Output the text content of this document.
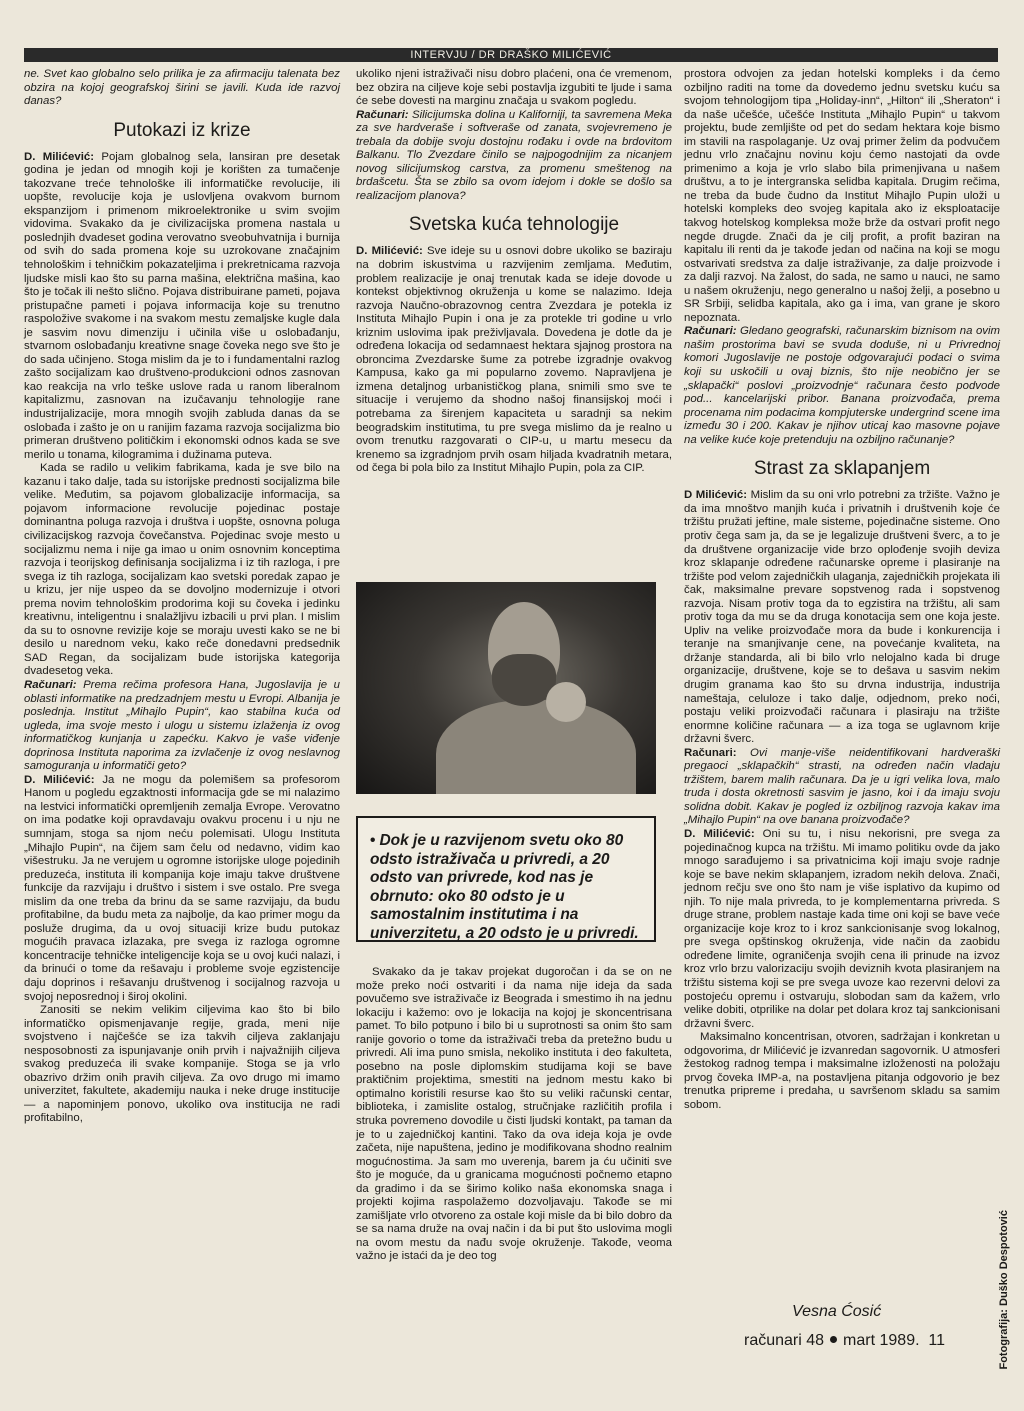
INTERVJU / DR DRAŠKO MILIĆEVIĆ

ne. Svet kao globalno selo prilika je za afirmaciju talenata bez obzira na kojoj geografskoj širini se javili. Kuda ide razvoj danas?

Putokazi iz krize

D. Milićević: Pojam globalnog sela, lansiran pre desetak godina je jedan od mnogih koji je korišten za tumačenje takozvane treće tehnološke ili informatičke revolucije, ili uopšte, revolucije koja je uslovljena ovakvom burnom ekspanzijom i primenom mikroelektronike u svim svojim vidovima. Svakako da je civilizacijska promena nastala u poslednjih dvadeset godina verovatno sveobuhvatnija i burnija od svih do sada promena koje su uzrokovane značajnim tehnološkim i tehničkim pokazateljima i prekretnicama razvoja ljudske misli kao što su parna mašina, električna mašina, kao što je točak ili nešto slično. Pojava distribuirane pameti, pojava pristupačne pameti i pojava informacija koje su trenutno raspoložive svakome i na svakom mestu zemaljske kugle dala je sasvim novu dimenziju i učinila više u oslobađanju, stvarnom oslobađanju kreativne snage čoveka nego sve što je do sada učinjeno. Stoga mislim da je to i fundamentalni razlog zašto socijalizam kao društveno-produkcioni odnos zasnovan kao reakcija na vrlo teške uslove rada u ranom liberalnom kapitalizmu, zasnovan na izučavanju tehnologije rane industrijalizacije, mora mnogih svojih zabluda danas da se oslobađa i zašto je on u ranijim fazama razvoja socijalizma bio primeran društveno političkim i ekonomski odnos kada se sve merilo u tonama, kilogramima i dužinama puteva.

Kada se radilo u velikim fabrikama, kada je sve bilo na kazanu i tako dalje, tada su istorijske prednosti socijalizma bile velike. Međutim, sa pojavom globalizacije informacija, sa pojavom informacione revolucije pojedinac postaje dominantna poluga razvoja i društva i uopšte, osnovna poluga civilizacijskog razvoja čovečanstva. Pojedinac svoje mesto u socijalizmu nema i nije ga imao u onim osnovnim konceptima razvoja i teorijskog definisanja socijalizma i iz tih razloga, i pre svega iz tih razloga, socijalizam kao svetski poredak zapao je u krizu, jer nije uspeo da se dovoljno modernizuje i otvori prema novim tehnološkim prodorima koji su čoveka i jedinku kreativnu, inteligentnu i snalažljivu izbacili u prvi plan. I mislim da su to osnovne revizije koje se moraju uvesti kako se ne bi desilo u narednom veku, kako reče donedavni predsednik SAD Regan, da socijalizam bude istorijska kategorija dvadesetog veka.

Računari: Prema rečima profesora Hana, Jugoslavija je u oblasti informatike na predzadnjem mestu u Evropi. Albanija je poslednja. Institut „Mihajlo Pupin“, kao stabilna kuća od ugleda, ima svoje mesto i ulogu u sistemu izlaženja iz ovog informatičkog kunjanja u zapećku. Kakvo je vaše viđenje doprinosa Instituta naporima za izvlačenje iz ovog neslavnog samoguranja u informatiči geto?

D. Milićević: Ja ne mogu da polemišem sa profesorom Hanom u pogledu egzaktnosti informacija gde se mi nalazimo na lestvici informatički opremljenih zemalja Evrope. Verovatno on ima podatke koji opravdavaju ovakvu procenu i u nju ne sumnjam, stoga sa njom neću polemisati. Ulogu Instituta „Mihajlo Pupin“, na čijem sam čelu od nedavno, vidim kao višestruku. Ja ne verujem u ogromne istorijske uloge pojedinih preduzeća, instituta ili kompanija koje imaju takve društvene funkcije da razvijaju i društvo i sistem i sve ostalo. Pre svega mislim da one treba da brinu da se same razvijaju, da budu profitabilne, da budu meta za najbolje, da kao primer mogu da posluže drugima, da u ovoj situaciji krize budu putokaz mogućih pravaca izlazaka, pre svega iz razloga ogromne koncentracije tehničke inteligencije koja se u ovoj kući nalazi, i da brinući o tome da rešavaju i probleme svoje egzistencije daju doprinos i rešavanju društvenog i socijalnog razvoja u svojoj neposrednoj i široj okolini.

Zanositi se nekim velikim ciljevima kao što bi bilo informatičko opismenjavanje regije, grada, meni nije svojstveno i najčešće se iza takvih ciljeva zaklanjaju nesposobnosti za ispunjavanje onih prvih i najvažnijih ciljeva svakog preduzeća ili svake kompanije. Stoga se ja vrlo obazrivo držim onih pravih ciljeva. Za ovo drugo mi imamo univerzitet, fakultete, akademiju nauka i neke druge institucije — a napominjem ponovo, ukoliko ova institucija ne radi profitabilno,

ukoliko njeni istraživači nisu dobro plaćeni, ona će vremenom, bez obzira na ciljeve koje sebi postavlja izgubiti te ljude i sama će sebe dovesti na marginu značaja u svakom pogledu.

Računari: Silicijumska dolina u Kaliforniji, ta savremena Meka za sve hardveraše i softveraše od zanata, svojevremeno je trebala da dobije svoju dostojnu rođaku i ovde na brdovitom Balkanu. Tlo Zvezdare činilo se najpogodnijim za nicanjem novog silicijumskog carstva, za promenu smeštenog na brdašcetu. Šta se zbilo sa ovom idejom i dokle se došlo sa realizacijom planova?

Svetska kuća tehnologije

D. Milićević: Sve ideje su u osnovi dobre ukoliko se baziraju na dobrim iskustvima u razvijenim zemljama. Međutim, problem realizacije je onaj trenutak kada se ideje dovode u kontekst objektivnog okruženja u kome se nalazimo. Ideja razvoja Naučno-obrazovnog centra Zvezdara je potekla iz Instituta Mihajlo Pupin i ona je za protekle tri godine u vrlo kriznim uslovima ipak preživljavala. Dovedena je dotle da je određena lokacija od sedamnaest hektara sjajnog prostora na obroncima Zvezdarske šume za potrebe izgradnje ovakvog Kampusa, kako ga mi popularno zovemo. Napravljena je izmena detaljnog urbanističkog plana, snimili smo sve te situacije i verujemo da shodno našoj finansijskoj moći i potrebama za širenjem kapaciteta u saradnji sa nekim beogradskim institutima, tu pre svega mislimo da je realno u ovom trenutku razgovarati o CIP-u, u martu mesecu da krenemo sa izgradnjom prvih osam hiljada kvadratnih metara, od čega bi pola bilo za Institut Mihajlo Pupin, pola za CIP.

• Dok je u razvijenom svetu oko 80 odsto istraživača u privredi, a 20 odsto van privrede, kod nas je obrnuto: oko 80 odsto je u samostalnim institutima i na univerzitetu, a 20 odsto je u privredi.

Svakako da je takav projekat dugoročan i da se on ne može preko noći ostvariti i da nama nije ideja da sada povučemo sve istraživače iz Beograda i smestimo ih na jednu lokaciju i kažemo: ovo je lokacija na kojoj je skoncentrisana pamet. To bilo potpuno i bilo bi u suprotnosti sa onim što sam ranije govorio o tome da istraživači treba da pretežno budu u privredi. Ali ima puno smisla, nekoliko instituta i deo fakulteta, posebno na posle diplomskim studijama koji se bave praktičnim projektima, smestiti na jednom mestu kako bi optimalno koristili resurse kao što su veliki računski centar, biblioteka, i zamislite ostalog, stručnjake različitih profila i struka povremeno dovodile u čisti ljudski kontakt, pa taman da je to u zajedničkoj kantini. Tako da ova ideja koja je ovde začeta, nije napuštena, jedino je modifikovana shodno realnim mogućnostima. Ja sam mo uverenja, barem ja ću učiniti sve što je moguće, da u granicama mogućnosti počnemo etapno da gradimo i da se širimo koliko naša ekonomska snaga i projekti kojima raspolažemo dozvoljavaju. Takođe se mi zamišljate vrlo otvoreno za ostale koji misle da bi bilo dobro da se sa nama druže na ovaj način i da bi put što uslovima mogli na ovom mestu da nađu svoje okruženje. Takođe, veoma važno je istaći da je deo tog

prostora odvojen za jedan hotelski kompleks i da ćemo ozbiljno raditi na tome da dovedemo jednu svetsku kuću sa svojom tehnologijom tipa „Holiday-inn“, „Hilton“ ili „Sheraton“ i da naše učešće, učešće Instituta „Mihajlo Pupin“ u takvom projektu, bude zemljište od pet do sedam hektara koje bismo im stavili na raspolaganje. Uz ovaj primer želim da podvučem jednu vrlo značajnu novinu koju ćemo nastojati da ovde primenimo a koja je vrlo slabo bila primenjivana u našem društvu, a to je intergranska selidba kapitala. Drugim rečima, ne treba da bude čudno da Institut Mihajlo Pupin uloži u hotelski kompleks deo svojeg kapitala ako iz eksploatacije takvog hotelskog kompleksa može brže da ostvari profit nego negde drugde. Znači da je cilj profit, a profit baziran na kapitalu ili renti da je takođe jedan od načina na koji se mogu ostvarivati sredstva za dalje istraživanje, za dalje proizvode i za dalji razvoj. Na žalost, do sada, ne samo u nauci, ne samo u našem okruženju, nego generalno u našoj želji, a posebno u SR Srbiji, selidba kapitala, ako ga i ima, van grane je skoro nepoznata.

Računari: Gledano geografski, računarskim biznisom na ovim našim prostorima bavi se svuda doduše, ni u Privrednoj komori Jugoslavije ne postoje odgovarajući podaci o svima koji su uskočili u ovaj biznis, što nije neobično jer se „sklapački“ poslovi „proizvodnje“ računara često podvode pod... kancelarijski pribor. Banana proizvođača, prema procenama nim podacima kompjuterske undergrind scene ima između 30 i 200. Kakav je njihov uticaj kao masovne pojave na velike kuće koje pretenduju na ozbiljno računanje?

Strast za sklapanjem

D Milićević: Mislim da su oni vrlo potrebni za tržište. Važno je da ima mnoštvo manjih kuća i privatnih i društvenih koje će tržištu pružati jeftine, male sisteme, pojedinačne sisteme. Ono protiv čega sam ja, da se je legalizuje društveni šverc, a to je da društvene organizacije vide brzo oplođenje svojih deviza kroz sklapanje određene računarske opreme i plasiranje na tržište pod velom zajedničkih ulaganja, zajedničkih projekata ili čak, maksimalne prevare sopstvenog rada i sopstvenog razvoja. Nisam protiv toga da to egzistira na tržištu, ali sam protiv toga da mu se da druga konotacija sem one koja jeste. Upliv na velike proizvođače mora da bude i konkurencija i teranje na smanjivanje cene, na povećanje kvaliteta, na držanje standarda, ali bi bilo vrlo nelojalno kada bi druge organizacije, društvene, koje se to dešava u sasvim nekim drugim granama kao što su drvna industrija, industrija nameštaja, celuloze i tako dalje, odjednom, preko noći, postaju veliki proizvođači računara i plasiraju na tržište enormne količine računara — a iza toga se uglavnom krije državni šverc.

Računari: Ovi manje-više neidentifikovani hardveraški pregaoci „sklapačkih“ strasti, na određen način vladaju tržištem, barem malih računara. Da je u igri velika lova, malo truda i dosta okretnosti sasvim je jasno, koi i da imaju svoju solidna dobit. Kakav je pogled iz ozbiljnog razvoja kakav ima „Mihajlo Pupin“ na ove banana proizvođače?

D. Milićević: Oni su tu, i nisu nekorisni, pre svega za pojedinačnog kupca na tržištu. Mi imamo politiku ovde da jako mnogo sarađujemo i sa privatnicima koji imaju svoje radnje koje se bave nekim sklapanjem, izradom nekih delova. Znači, jednom rečju sve ono što nam je više isplativo da kupimo od njih. To nije mala privreda, to je komplementarna privreda. S druge strane, problem nastaje kada time oni koji se bave veće organizacije koje kroz to i kroz sankcionisanje svog lokalnog, pre svega opštinskog okruženja, vide način da zaobidu određene limite, ograničenja svojih cena ili prinude na izvoz kroz vrlo brzu valorizaciju svojih deviznih kvota plasiranjem na tržištu sistema koji se pre svega uvoze kao rezervni delovi za postojeću opremu i ostvaruju, slobodan sam da kažem, vrlo velike dobiti, otprilike na dolar pet dolara kroz taj sankcionisani državni šverc.

Maksimalno koncentrisan, otvoren, sadržajan i konkretan u odgovorima, dr Milićević je izvanredan sagovornik. U atmosferi žestokog radnog tempa i maksimalne izloženosti na položaju prvog čoveka IMP-a, na postavljena pitanja odgovorio je bez trenutka pripreme i predaha, u savršenom skladu sa samim sobom.

Vesna Ćosić
računari 48 mart 1989. 11	Fotografija: Duško Despotović
